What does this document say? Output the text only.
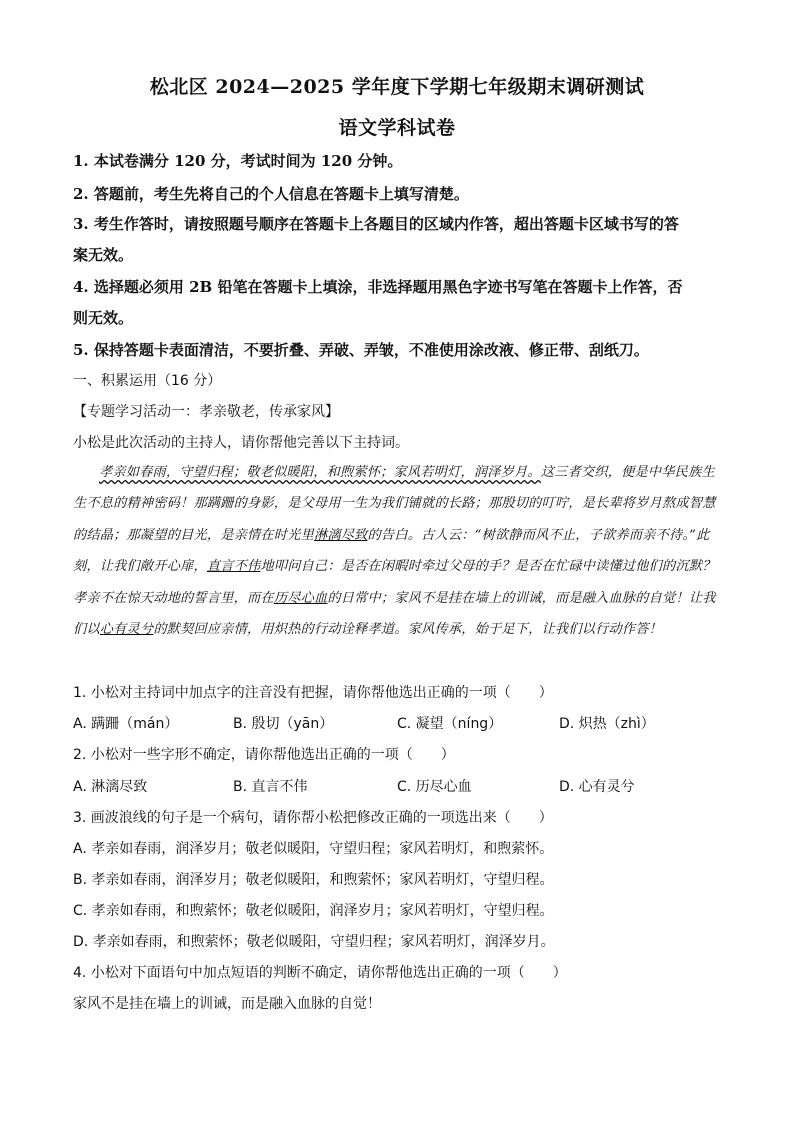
松北区 2024—2025 学年度下学期七年级期末调研测试
语文学科试卷
1. 本试卷满分 120 分，考试时间为 120 分钟。
2. 答题前，考生先将自己的个人信息在答题卡上填写清楚。
3. 考生作答时，请按照题号顺序在答题卡上各题目的区域内作答，超出答题卡区域书写的答
案无效。
4. 选择题必须用 2B 铅笔在答题卡上填涂，非选择题用黑色字迹书写笔在答题卡上作答，否
则无效。
5. 保持答题卡表面清洁，不要折叠、弄破、弄皱，不准使用涂改液、修正带、刮纸刀。
一、积累运用（16 分）
【专题学习活动一：孝亲敬老，传承家风】
小松是此次活动的主持人，请你帮他完善以下主持词。
孝亲如春雨，守望归程；敬老似暖阳，和煦萦怀；家风若明灯，润泽岁月。这三者交织，便是中华民族生生不息的精神密码！那蹒跚的身影，是父母用一生为我们铺就的长路；那殷切的叮咛，是长辈将岁月熬成智慧的结晶；那凝望的目光，是亲情在时光里淋漓尽致的告白。古人云：“树欲静而风不止，子欲养而亲不待。”此刻，让我们敞开心扉，直言不伟地叩问自己：是否在闲暇时牵过父母的手？是否在忙碌中读懂过他们的沉默？孝亲不在惊天动地的誓言里，而在历尽心血的日常中；家风不是挂在墙上的训诫，而是融入血脉的自觉！让我们以心有灵兮的默契回应亲情，用炽热的行动诠释孝道。家风传承，始于足下，让我们以行动作答！
1. 小松对主持词中加点字的注音没有把握，请你帮他选出正确的一项（　　）
A. 蹒跚（mán）	B. 殷切（yān）	C. 凝望（níng）	D. 炽热（zhì）
2. 小松对一些字形不确定，请你帮他选出正确的一项（　　）
A. 淋漓尽致	B. 直言不伟	C. 历尽心血	D. 心有灵兮
3. 画波浪线的句子是一个病句，请你帮小松把修改正确的一项选出来（　　）
A. 孝亲如春雨，润泽岁月；敬老似暖阳，守望归程；家风若明灯，和煦萦怀。
B. 孝亲如春雨，润泽岁月；敬老似暖阳，和煦萦怀；家风若明灯，守望归程。
C. 孝亲如春雨，和煦萦怀；敬老似暖阳，润泽岁月；家风若明灯，守望归程。
D. 孝亲如春雨，和煦萦怀；敬老似暖阳，守望归程；家风若明灯，润泽岁月。
4. 小松对下面语句中加点短语的判断不确定，请你帮他选出正确的一项（　　）
家风不是挂在墙上的训诫，而是融入血脉的自觉！
